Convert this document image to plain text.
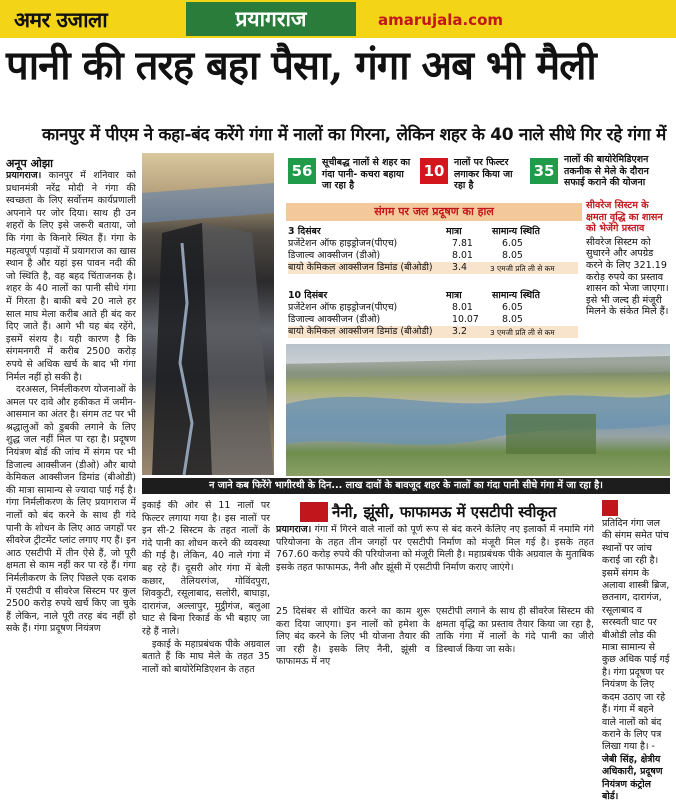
अमर उजाला	प्रयागराज	amarujala.com
पानी की तरह बहा पैसा, गंगा अब भी मैली
कानपुर में पीएम ने कहा-बंद करेंगे गंगा में नालों का गिरना, लेकिन शहर के 40 नाले सीधे गिर रहे गंगा में
अनूप ओझा
प्रयागराज। कानपुर में शनिवार को प्रधानमंत्री नरेंद्र मोदी ने गंगा की स्वच्छता के लिए सर्वोत्तम कार्यप्रणाली अपनाने पर जोर दिया। साथ ही उन शहरों के लिए इसे जरूरी बताया, जो कि गंगा के किनारे स्थित हैं। गंगा के महत्वपूर्ण पड़ावों में प्रयागराज का खास स्थान है और यहां इस पावन नदी की जो स्थिति है, वह बहद चिंताजनक है। शहर के 40 नालों का पानी सीधे गंगा में गिरता है। बाकी बचे 20 नाले हर साल माघ मेला करीब आते ही बंद कर दिए जाते हैं। आगे भी यह बंद रहेंगे, इसमें संशय है। यही कारण है कि संगमनगरी में करीब 2500 करोड़ रुपये से अधिक खर्च के बाद भी गंगा निर्मल नहीं हो सकी है।
दरअसल, निर्मलीकरण योजनाओं के अमल पर दावे और हकीकत में जमीन-आसमान का अंतर है। संगम तट पर भी श्रद्धालुओं को डुबकी लगाने के लिए शुद्ध जल नहीं मिल पा रहा है। प्रदूषण नियंत्रण बोर्ड की जांच में संगम पर भी डिजाल्व आक्सीजन (डीओ) और बायो केमिकल आक्सीजन डिमांड (बीओडी) की मात्रा सामान्य से ज्यादा पाई गई है। गंगा निर्मलीकरण के लिए प्रयागराज में नालों को बंद करने के साथ ही गंदे पानी के शोधन के लिए आठ जगहों पर सीवरेज ट्रीटमेंट प्लांट लगाए गए हैं। इन आठ एसटीपी में तीन ऐसे हैं, जो पूरी क्षमता से काम नहीं कर पा रहे हैं। गंगा निर्मलीकरण के लिए पिछले एक दशक में एसटीपी व सीवरेज सिस्टम पर कुल 2500 करोड़ रुपये खर्च किए जा चुके हैं लेकिन, नाले पूरी तरह बंद नहीं हो सके हैं। गंगा प्रदूषण नियंत्रण
56	सूचीबद्ध नालों से शहर का गंदा पानी- कचरा बहाया जा रहा है
10	नालों पर फिल्टर लगाकर किया जा रहा है
35
नालों की बायोरेमिडिएशन तकनीक से मेले के दौरान सफाई कराने की योजना
संगम पर जल प्रदूषण का हाल
3 दिसंबर	मात्रा	सामान्य स्थिति
प्रजेंटेशन ऑफ हाइड्रोजन(पीएच)	7.81	6.05
डिजाल्व आक्सीजन (डीओ)	8.01	8.05

बायो केमिकल आक्सीजन डिमांड (बीओडी) 3.4	3 एमजी प्रति ली से कम
10 दिसंबर	मात्रा	सामान्य स्थिति
प्रजेंटेशन ऑफ हाइड्रोजन(पीएच)	8.01	6.05
डिजाल्व आक्सीजन (डीओ)	10.07 8.05

बायो केमिकल आक्सीजन डिमांड (बीओडी) 3.2	3 एमजी प्रति ली से कम
सीवरेज सिस्टम के क्षमता वृद्धि का शासन को भेजेंगे प्रस्ताव
सीवरेज सिस्टम को सुधारने और अपग्रेड करने के लिए 321.19 करोड़ रुपये का प्रस्ताव शासन को भेजा जाएगा। इसे भी जल्द ही मंजूरी मिलने के संकेत मिले हैं।
न जाने कब फिरेंगे भागीरथी के दिन... लाख दावों के बावजूद शहर के नालों का गंदा पानी सीधे गंगा में जा रहा है।
इकाई की ओर से 11 नालों पर फिल्टर लगाया गया है। इस नालों पर इन सी-2 सिस्टम के तहत नालों के गंदे पानी का शोधन करने की व्यवस्था की गई है। लेकिन, 40 नाले गंगा में बह रहे हैं। दूसरी ओर गंगा में बेली कछार, तेलियरगंज, गोविंदपुरा, शिवकुटी, रसूलाबाद, सलोरी, बाघाड़ा, दारागंज, अल्लापुर, मुट्ठीगंज, बलुआ घाट से बिना रिकार्ड के भी बहाए जा रहे हैं नाले।
इकाई के महाप्रबंधक पीके अग्रवाल बताते हैं कि माघ मेले के तहत 35 नालों को बायोरेमिडिएशन के तहत
नैनी, झूंसी, फाफामऊ में एसटीपी स्वीकृत
प्रयागराज। गंगा में गिरने वाले नालों को पूर्ण रूप से बंद करने केलिए नए इलाकों में नमामि गंगे परियोजना के तहत तीन जगहों पर एसटीपी निर्माण को मंजूरी मिल गई है। इसके तहत 767.60 करोड़ रुपये की परियोजना को मंजूरी मिली है। महाप्रबंधक पीके अग्रवाल के मुताबिक इसके तहत फाफामऊ, नैनी और झूंसी में एसटीपी निर्माण कराए जाएंगे।
25 दिसंबर से शोधित करने का काम शुरू करा दिया जाएगा। इन नालों को हमेशा के लिए बंद करने के लिए भी योजना तैयार की जा रही है। इसके लिए नैनी, झूंसी व फाफामऊ में नए
एसटीपी लगाने के साथ ही सीवरेज सिस्टम की क्षमता वृद्धि का प्रस्ताव तैयार किया जा रहा है, ताकि गंगा में नालों के गंदे पानी का जीरो डिस्चार्ज किया जा सके।
प्रतिदिन गंगा जल की संगम समेत पांच स्थानों पर जांच कराई जा रही है। इसमें संगम के अलावा शास्त्री ब्रिज, छतनाग, दारागंज, रसूलाबाद व सरस्वती घाट पर बीओडी लोड की मात्रा सामान्य से कुछ अधिक पाई गई है। गंगा प्रदूषण पर नियंत्रण के लिए कदम उठाए जा रहे हैं। गंगा में बहने वाले नालों को बंद कराने के लिए पत्र लिखा गया है। - जेबी सिंह, क्षेत्रीय अधिकारी, प्रदूषण नियंत्रण कंट्रोल बोर्ड।
